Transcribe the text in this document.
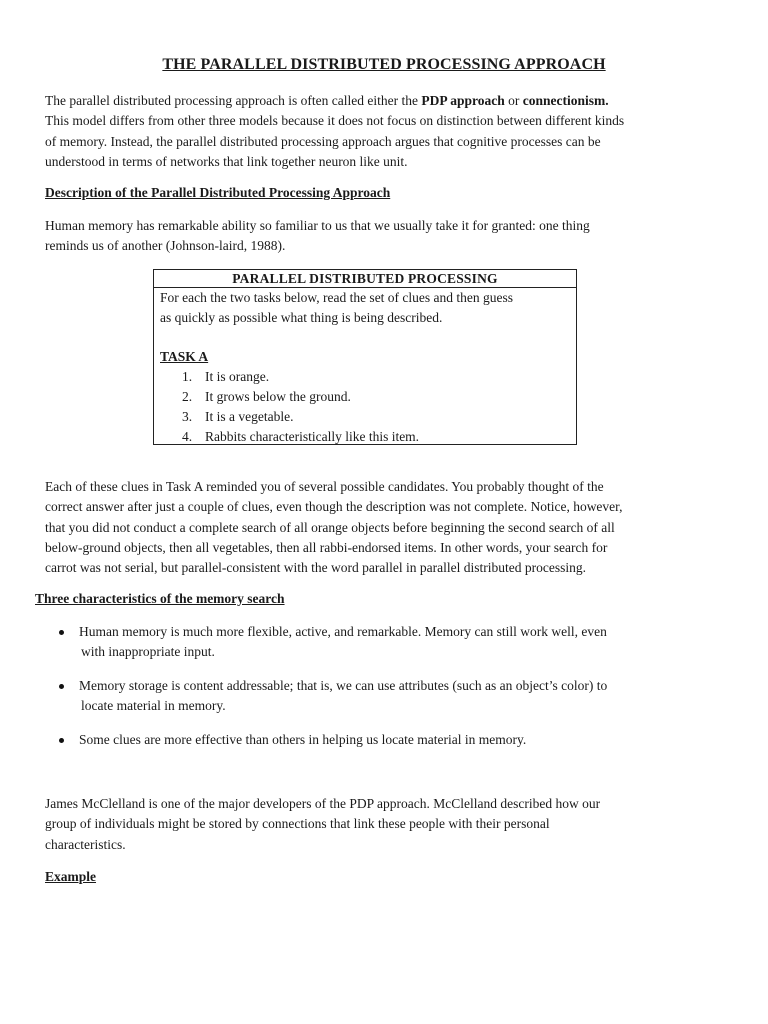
THE PARALLEL DISTRIBUTED PROCESSING APPROACH

The parallel distributed processing approach is often called either the PDP approach or connectionism.
This model differs from other three models because it does not focus on distinction between different kinds
of memory. Instead, the parallel distributed processing approach argues that cognitive processes can be
understood in terms of networks that link together neuron like unit.

Description of the Parallel Distributed Processing Approach

Human memory has remarkable ability so familiar to us that we usually take it for granted: one thing
reminds us of another (Johnson-laird, 1988).

PARALLEL DISTRIBUTED PROCESSING

For each the two tasks below, read the set of clues and then guess
as quickly as possible what thing is being described.

TASK A

1. It is orange.
2. It grows below the ground.
3. It is a vegetable.
4. Rabbits characteristically like this item.

Each of these clues in Task A reminded you of several possible candidates. You probably thought of the
correct answer after just a couple of clues, even though the description was not complete. Notice, however,
that you did not conduct a complete search of all orange objects before beginning the second search of all
below-ground objects, then all vegetables, then all rabbi-endorsed items. In other words, your search for
carrot was not serial, but parallel-consistent with the word parallel in parallel distributed processing.

Three characteristics of the memory search

Human memory is much more flexible, active, and remarkable. Memory can still work well, even
with inappropriate input.
Memory storage is content addressable; that is, we can use attributes (such as an object’s color) to
locate material in memory.
Some clues are more effective than others in helping us locate material in memory.

James McClelland is one of the major developers of the PDP approach. McClelland described how our
group of individuals might be stored by connections that link these people with their personal
characteristics.

Example
